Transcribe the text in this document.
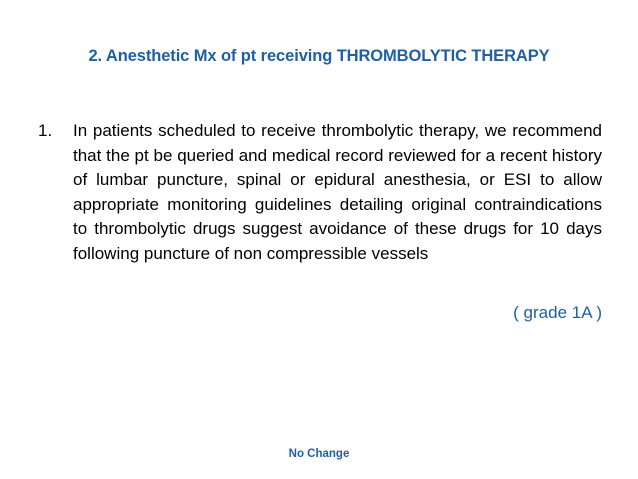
2. Anesthetic Mx of pt receiving THROMBOLYTIC THERAPY
1. In patients scheduled to receive thrombolytic therapy, we recommend that the pt be queried and medical record reviewed for a recent history of lumbar puncture, spinal or epidural anesthesia, or ESI to allow appropriate monitoring guidelines detailing original contraindications to thrombolytic drugs suggest avoidance of these drugs for 10 days following puncture of non compressible vessels
( grade 1A )
No Change
